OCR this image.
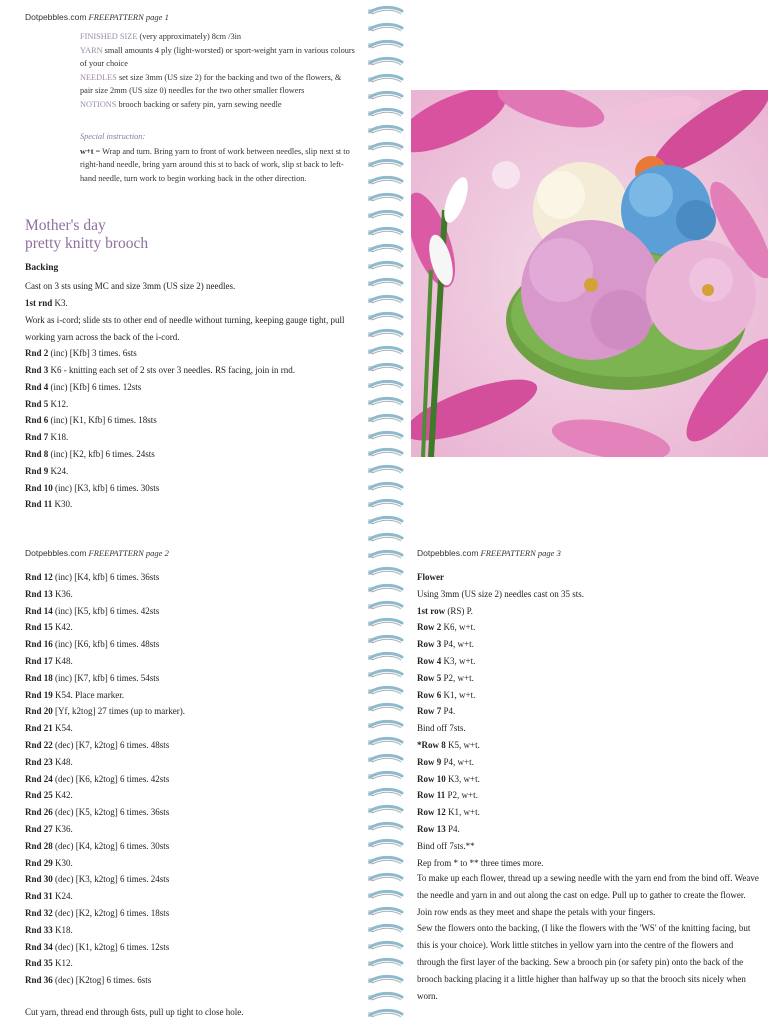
Dotpebbles.com FREEPATTERN page 1
FINISHED SIZE (very approximately) 8cm /3in
YARN small amounts 4 ply (light-worsted) or sport-weight yarn in various colours of your choice
NEEDLES set size 3mm (US size 2) for the backing and two of the flowers, & pair size 2mm (US size 0) needles for the two other smaller flowers
NOTIONS brooch backing or safety pin, yarn sewing needle
Special instruction:
w+t = Wrap and turn. Bring yarn to front of work between needles, slip next st to right-hand needle, bring yarn around this st to back of work, slip st back to left-hand needle, turn work to begin working back in the other direction.
Mother's day
pretty knitty brooch
Backing
Cast on 3 sts using MC and size 3mm (US size 2) needles.
1st rnd K3.
Rnd 2 (inc) [Kfb] 3 times. 6sts
Rnd 3 K6 - knitting each set of 2 sts over 3 needles. RS facing, join in rnd.
Rnd 4 (inc) [Kfb] 6 times. 12sts
Rnd 5 K12.
Rnd 6 (inc) [K1, Kfb] 6 times. 18sts
Rnd 7 K18.
Rnd 8 (inc) [K2, kfb] 6 times. 24sts
Rnd 9 K24.
Rnd 10 (inc) [K3, kfb] 6 times. 30sts
Rnd 11 K30.
Work as i-cord; slide sts to other end of needle without turning, keeping gauge tight, pull working yarn across the back of the i-cord.
Dotpebbles.com FREEPATTERN page 2
Rnd 12 (inc) [K4, kfb] 6 times. 36sts
Rnd 13 K36.
Rnd 14 (inc) [K5, kfb] 6 times. 42sts
Rnd 15 K42.
Rnd 16 (inc) [K6, kfb] 6 times. 48sts
Rnd 17 K48.
Rnd 18 (inc) [K7, kfb] 6 times. 54sts
Rnd 19 K54. Place marker.
Rnd 20 [Yf, k2tog] 27 times (up to marker).
Rnd 21 K54.
Rnd 22 (dec) [K7, k2tog] 6 times. 48sts
Rnd 23 K48.
Rnd 24 (dec) [K6, k2tog] 6 times. 42sts
Rnd 25 K42.
Rnd 26 (dec) [K5, k2tog] 6 times. 36sts
Rnd 27 K36.
Rnd 28 (dec) [K4, k2tog] 6 times. 30sts
Rnd 29 K30.
Rnd 30 (dec) [K3, k2tog] 6 times. 24sts
Rnd 31 K24.
Rnd 32 (dec) [K2, k2tog] 6 times. 18sts
Rnd 33 K18.
Rnd 34 (dec) [K1, k2tog] 6 times. 12sts
Rnd 35 K12.
Rnd 36 (dec) [K2tog] 6 times. 6sts
Cut yarn, thread end through 6sts, pull up tight to close hole.
Dotpebbles.com FREEPATTERN page 3
Flower
Using 3mm (US size 2) needles cast on 35 sts.
1st row (RS) P.
Row 2 K6, w+t.
Row 3 P4, w+t.
Row 4 K3, w+t.
Row 5 P2, w+t.
Row 6 K1, w+t.
Row 7 P4.
Bind off 7sts.
*Row 8 K5, w+t.
Row 9 P4, w+t.
Row 10 K3, w+t.
Row 11 P2, w+t.
Row 12 K1, w+t.
Row 13 P4.
Bind off 7sts.**
Rep from * to ** three times more.
To make up each flower, thread up a sewing needle with the yarn end from the bind off. Weave the needle and yarn in and out along the cast on edge. Pull up to gather to create the flower. Join row ends as they meet and shape the petals with your fingers.
Sew the flowers onto the backing, (I like the flowers with the 'WS' of the knitting facing, but this is your choice). Work little stitches in yellow yarn into the centre of the flowers and through the first layer of the backing. Sew a brooch pin (or safety pin) onto the back of the brooch backing placing it a little higher than halfway up so that the brooch sits nicely when worn.
